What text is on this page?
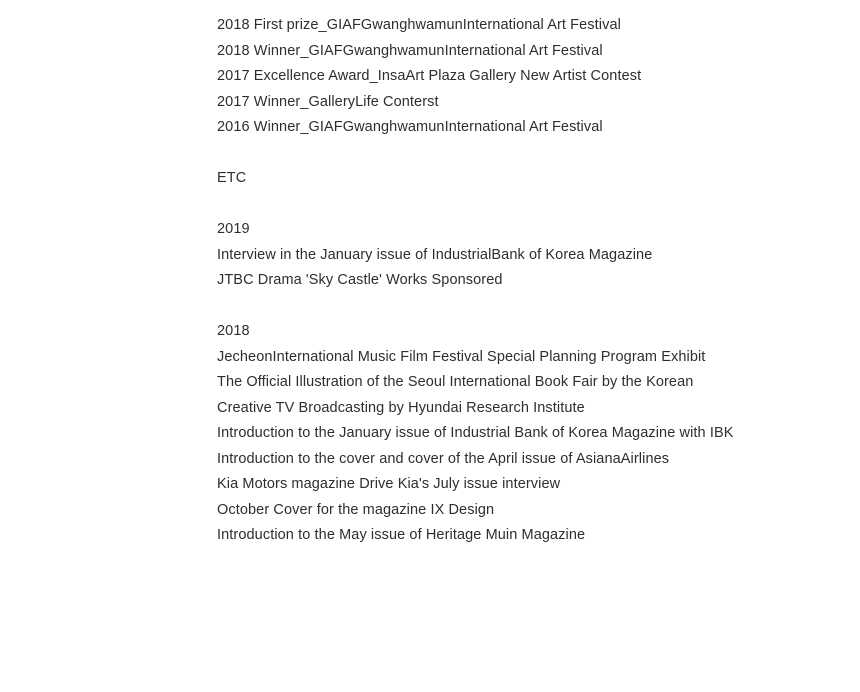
2018 First prize_GIAFGwanghwamunInternational Art Festival
2018 Winner_GIAFGwanghwamunInternational Art Festival
2017 Excellence Award_InsaArt Plaza Gallery New Artist Contest
2017 Winner_GalleryLife Conterst
2016 Winner_GIAFGwanghwamunInternational Art Festival
ETC
2019
Interview in the January issue of IndustrialBank of Korea Magazine
JTBC Drama 'Sky Castle' Works Sponsored
2018
JecheonInternational Music Film Festival Special Planning Program Exhibit
The Official Illustration of the Seoul International Book Fair by the Korean
Creative TV Broadcasting by Hyundai Research Institute
Introduction to the January issue of Industrial Bank of Korea Magazine with IBK
Introduction to the cover and cover of the April issue of AsianaAirlines
Kia Motors magazine Drive Kia's July issue interview
October Cover for the magazine IX Design
Introduction to the May issue of Heritage Muin Magazine
